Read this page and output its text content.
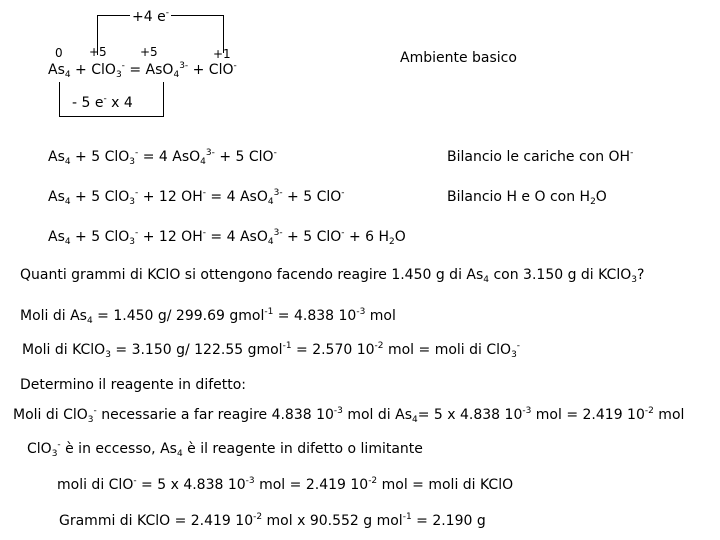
+4 e-
0 +5	+5	+1
$As_4 + ClO_3^- = AsO_4^{3-} + ClO^-$	Ambiente basico
- 5 e- x 4
$As_4 + 5$ ClO$_3$- = 4 AsO$_4^{3-}$ + 5 ClO-	Bilancio le cariche con OH-
$As_4 + 5$ ClO$_3$- + 12 OH- = 4 AsO$_4^{3-}$ + 5 ClO-	Bilancio H e O con $H_2O$
$As_4 + 5$ ClO$_3$- + 12 OH- = 4 AsO$_4^{3-}$ + 5 ClO- + 6 $H_2O$
Quanti grammi di KClO si ottengono facendo reagire 1.450 g di $As_4$ con 3.150 g di KClO$_3$?
Moli di $As_4 = 1.450$ g/ 299.69 gmol$^{-1}$ = 4.838 $10^{-3}$ mol
Moli di KClO$_3$ = 3.150 g/ 122.55 gmol$^{-1}$ = 2.570 $10^{-2}$ mol = moli di ClO$_3$-
Determino il reagente in difetto:
Moli di ClO$_3$- necessarie a far reagire 4.838 $10^{-3}$ mol di $As_4= 5$ x 4.838 $10^{-3}$ mol = 2.419 $10^{-2}$ mol
ClO$_3$- è in eccesso, $As_4$ è il reagente in difetto o limitante
moli di ClO- = 5 x 4.838 $10^{-3}$ mol = 2.419 $10^{-2}$ mol = moli di KClO
Grammi di KClO = 2.419 $10^{-2}$ mol x 90.552 g mol$^{-1}$ = 2.190 g
